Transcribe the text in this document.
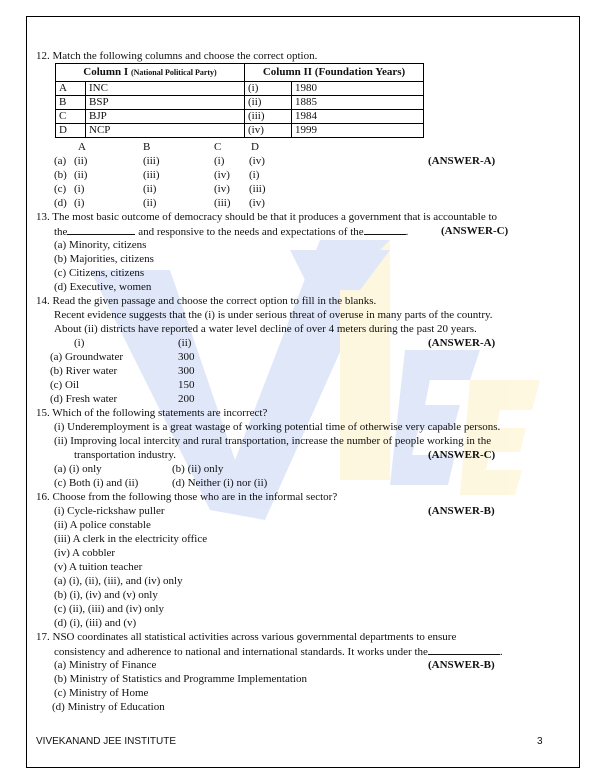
12. Match the following columns and choose the correct option.
Column I (National Political Party)		Column II (Foundation Years)	
A	INC	(i)	1980
B	BSP	(ii)	1885
C	BJP	(iii)	1984
D	NCP	(iv)	1999
A	B	C	D
(a) (ii)	(iii)	(i) (iv)	(ANSWER-A)
(b) (ii)	(iii)	(iv) (i)
(c) (i)	(ii)	(iv) (iii)
(d) (i)	(ii)	(iii) (iv)
13. The most basic outcome of democracy should be that it produces a government that is accountable to
the	and responsive to the needs and expectations of the	.	(ANSWER-C)
(a) Minority, citizens
(b) Majorities, citizens
(c) Citizens, citizens
(d) Executive, women
14. Read the given passage and choose the correct option to fill in the blanks.
Recent evidence suggests that the (i) is under serious threat of overuse in many parts of the country.
About (ii) districts have reported a water level decline of over 4 meters during the past 20 years.
(i)	(ii)	(ANSWER-A)
(a) Groundwater	300
(b) River water	300
(c) Oil	150
(d) Fresh water	200
15. Which of the following statements are incorrect?
(i) Underemployment is a great wastage of working potential time of otherwise very capable persons.
(ii) Improving local intercity and rural transportation, increase the number of people working in the
transportation industry.	(ANSWER-C)
(a) (i) only	(b) (ii) only
(c) Both (i) and (ii)	(d) Neither (i) nor (ii)
16. Choose from the following those who are in the informal sector?
(i) Cycle-rickshaw puller	(ANSWER-B)
(ii) A police constable
(iii) A clerk in the electricity office
(iv) A cobbler
(v) A tuition teacher
(a) (i), (ii), (iii), and (iv) only
(b) (i), (iv) and (v) only
(c) (ii), (iii) and (iv) only
(d) (i), (iii) and (v)
17. NSO coordinates all statistical activities across various governmental departments to ensure
consistency and adherence to national and international standards. It works under the	.
(a) Ministry of Finance	(ANSWER-B)
(b) Ministry of Statistics and Programme Implementation
(c) Ministry of Home
(d) Ministry of Education
VIVEKANAND JEE INSTITUTE	3
